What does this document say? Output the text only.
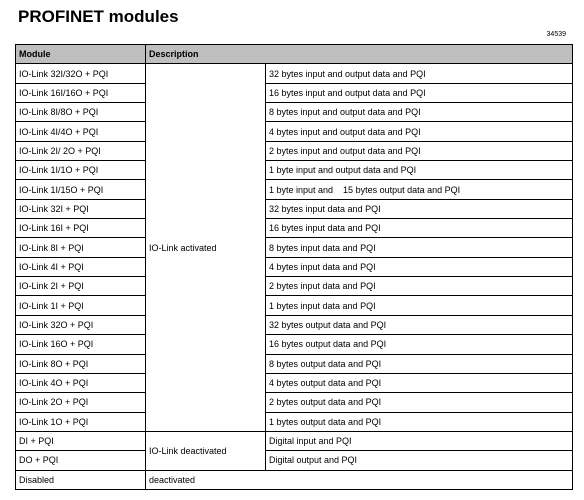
PROFINET modules
34539
Module	Description	
IO-Link 32I/32O + PQI	IO-Link activated	32 bytes input and output data and PQI
IO-Link 16I/16O + PQI		16 bytes input and output data and PQI
IO-Link 8I/8O + PQI		8 bytes input and output data and PQI
IO-Link 4I/4O + PQI		4 bytes input and output data and PQI
IO-Link 2I/ 2O + PQI		2 bytes input and output data and PQI
IO-Link 1I/1O + PQI		1 byte input and output data and PQI
IO-Link 1I/15O + PQI		1 byte input and    15 bytes output data and PQI
IO-Link 32I + PQI		32 bytes input data and PQI
IO-Link 16I + PQI		16 bytes input data and PQI
IO-Link 8I + PQI		8 bytes input data and PQI
IO-Link 4I + PQI		4 bytes input data and PQI
IO-Link 2I + PQI		2 bytes input data and PQI
IO-Link 1I + PQI		1 bytes input data and PQI
IO-Link 32O + PQI		32 bytes output data and PQI
IO-Link 16O + PQI		16 bytes output data and PQI
IO-Link 8O + PQI		8 bytes output data and PQI
IO-Link 4O + PQI		4 bytes output data and PQI
IO-Link 2O + PQI		2 bytes output data and PQI
IO-Link 1O + PQI		1 bytes output data and PQI
DI + PQI	IO-Link deactivated	Digital input and PQI
DO + PQI		Digital output and PQI
Disabled	deactivated	
